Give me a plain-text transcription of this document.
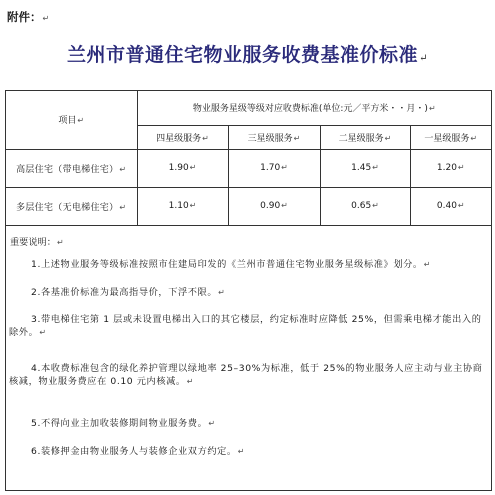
附件：↵
兰州市普通住宅物业服务收费基准价标准↵
项目↵	物业服务星级等级对应收费标准(单位:元／平方米・・月・)↵			
	四星级服务↵	三星级服务↵	二星级服务↵	一星级服务↵
高层住宅（带电梯住宅）↵	1.90↵	1.70↵	1.45↵	1.20↵
多层住宅（无电梯住宅）↵	1.10↵	0.90↵	0.65↵	0.40↵
重要说明：↵
1.上述物业服务等级标准按照市住建局印发的《兰州市普通住宅物业服务星级标准》划分。↵
2.各基准价标准为最高指导价，下浮不限。↵
3.带电梯住宅第 1 层或未设置电梯出入口的其它楼层，约定标准时应降低 25%，但需乘电梯才能出入的除外。↵
4.本收费标准包含的绿化养护管理以绿地率 25–30%为标准，低于 25%的物业服务人应主动与业主协商核减，物业服务费应在 0.10 元内核减。↵
5.不得向业主加收装修期间物业服务费。↵
6.装修押金由物业服务人与装修企业双方约定。↵
